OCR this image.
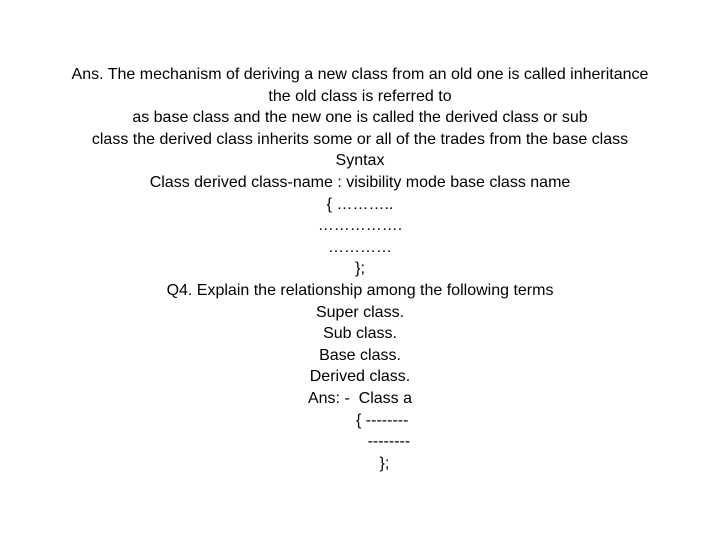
Ans. The mechanism of deriving a new class from an old one is called inheritance

the old class is referred to

as base class and the new one is called the derived class or sub

class the derived class inherits some or all of the trades from the base class

Syntax

Class derived class-name : visibility mode base class name

{ ………..

…………….

…………

};

Q4. Explain the relationship among the following terms

Super class.

Sub class.

Base class.

Derived class.

Ans: -  Class a

{ --------

--------

};
